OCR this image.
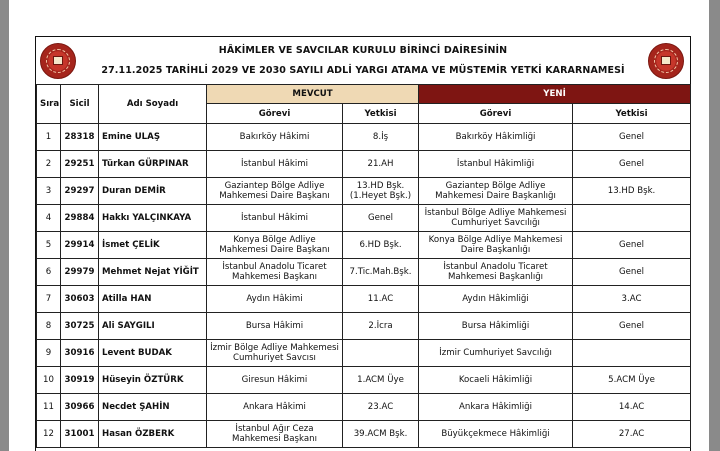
HÂKİMLER VE SAVCILAR KURULU BİRİNCİ DAİRESİNİN
27.11.2025 TARİHLİ 2029 VE 2030 SAYILI ADLİ YARGI ATAMA VE MÜSTEMİR YETKİ KARARNAMESİ
Sıra	Sicil	Adı Soyadı	MEVCUT		YENİ	
			Görevi	Yetkisi	Görevi	Yetkisi
1	28318	Emine ULAŞ	Bakırköy Hâkimi	8.İş	Bakırköy Hâkimliği	Genel
2	29251	Türkan GÜRPINAR	İstanbul Hâkimi	21.AH	İstanbul Hâkimliği	Genel
3	29297	Duran DEMİR	Gaziantep Bölge Adliye Mahkemesi Daire Başkanı	13.HD Bşk. (1.Heyet Bşk.)	Gaziantep Bölge Adliye Mahkemesi Daire Başkanlığı	13.HD Bşk.
4	29884	Hakkı YALÇINKAYA	İstanbul Hâkimi	Genel	İstanbul Bölge Adliye Mahkemesi Cumhuriyet Savcılığı	
5	29914	İsmet ÇELİK	Konya Bölge Adliye Mahkemesi Daire Başkanı	6.HD Bşk.	Konya Bölge Adliye Mahkemesi Daire Başkanlığı	Genel
6	29979	Mehmet Nejat YİĞİT	İstanbul Anadolu Ticaret Mahkemesi Başkanı	7.Tic.Mah.Bşk.	İstanbul Anadolu Ticaret Mahkemesi Başkanlığı	Genel
7	30603	Atilla HAN	Aydın Hâkimi	11.AC	Aydın Hâkimliği	3.AC
8	30725	Ali SAYGILI	Bursa Hâkimi	2.İcra	Bursa Hâkimliği	Genel
9	30916	Levent BUDAK	İzmir Bölge Adliye Mahkemesi Cumhuriyet Savcısı		İzmir Cumhuriyet Savcılığı	
10	30919	Hüseyin ÖZTÜRK	Giresun Hâkimi	1.ACM Üye	Kocaeli Hâkimliği	5.ACM Üye
11	30966	Necdet ŞAHİN	Ankara Hâkimi	23.AC	Ankara Hâkimliği	14.AC
12	31001	Hasan ÖZBERK	İstanbul Ağır Ceza Mahkemesi Başkanı	39.ACM Bşk.	Büyükçekmece Hâkimliği	27.AC
